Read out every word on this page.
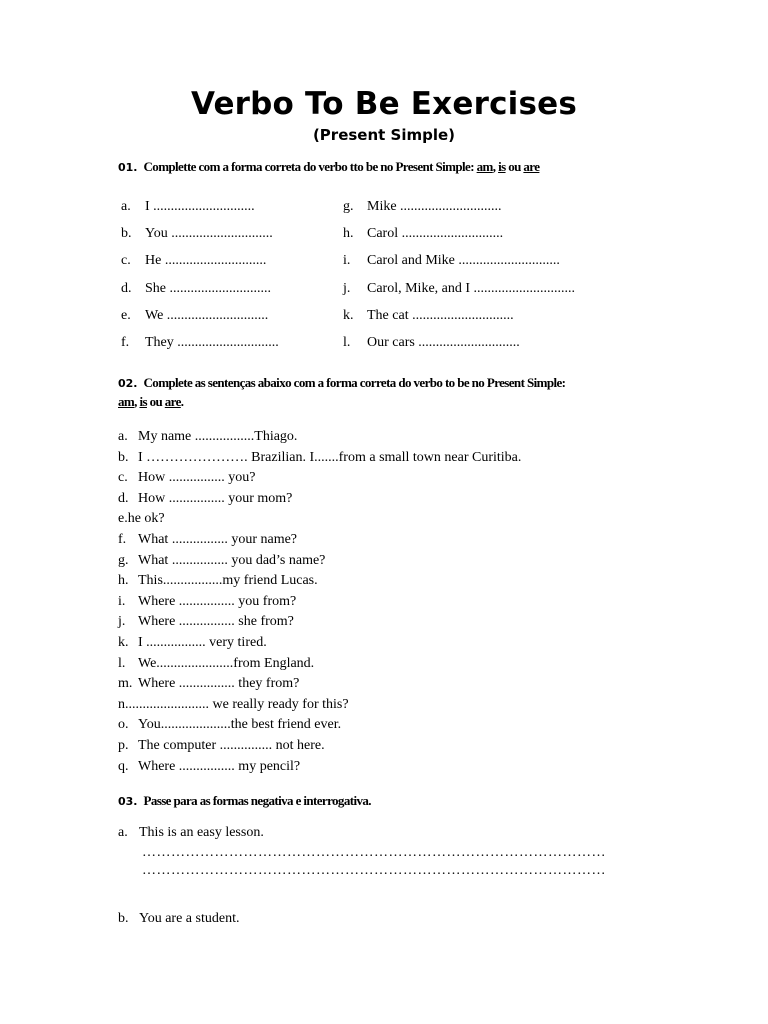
Verbo To Be Exercises
(Present Simple)
01. Complette com a forma correta do verbo tto be no Present Simple: am, is ou are
a. I .............................
b. You .............................
c. He .............................
d. She .............................
e. We .............................
f. They .............................
g. Mike .............................
h. Carol .............................
i. Carol and Mike .............................
j. Carol, Mike, and I .............................
k. The cat .............................
l. Our cars .............................
02. Complete as sentenças abaixo com a forma correta do verbo to be no Present Simple:
am, is ou are.
a. My name .................Thiago.
b. I …………………. Brazilian. I.......from a small town near Curitiba.
c. How ................ you?
d. How ................ your mom?
e.he ok?
f. What ................ your name?
g. What ................ you dad’s name?
h. This.................my friend Lucas.
i. Where ................ you from?
j. Where ................ she from?
k. I ................. very tired.
l. We......................from England.
m. Where ................ they from?
n........................ we really ready for this?
o. You....................the best friend ever.
p. The computer ............... not here.
q. Where ................ my pencil?
03. Passe para as formas negativa e interrogativa.
a. This is an easy lesson.
……………………………………………………………………………………
……………………………………………………………………………………
b. You are a student.
